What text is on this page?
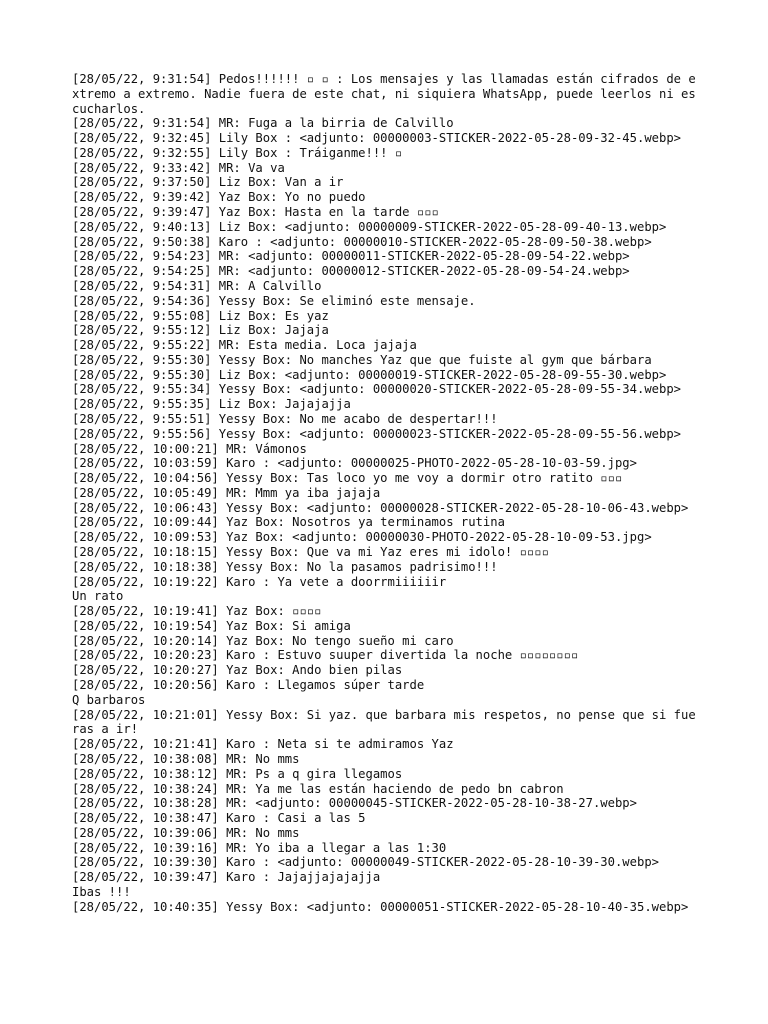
[28/05/22, 9:31:54] Pedos!!!!!! ▫ ▫ : Los mensajes y las llamadas están cifrados de extremo a extremo. Nadie fuera de este chat, ni siquiera WhatsApp, puede leerlos ni escucharlos.
[28/05/22, 9:31:54] MR: Fuga a la birria de Calvillo
[28/05/22, 9:32:45] Lily Box : <adjunto: 00000003-STICKER-2022-05-28-09-32-45.webp>
[28/05/22, 9:32:55] Lily Box : Tráiganme!!! ▫
[28/05/22, 9:33:42] MR: Va va
[28/05/22, 9:37:50] Liz Box: Van a ir
[28/05/22, 9:39:42] Yaz Box: Yo no puedo
[28/05/22, 9:39:47] Yaz Box: Hasta en la tarde ▫▫▫
[28/05/22, 9:40:13] Liz Box: <adjunto: 00000009-STICKER-2022-05-28-09-40-13.webp>
[28/05/22, 9:50:38] Karo : <adjunto: 00000010-STICKER-2022-05-28-09-50-38.webp>
[28/05/22, 9:54:23] MR: <adjunto: 00000011-STICKER-2022-05-28-09-54-22.webp>
[28/05/22, 9:54:25] MR: <adjunto: 00000012-STICKER-2022-05-28-09-54-24.webp>
[28/05/22, 9:54:31] MR: A Calvillo
[28/05/22, 9:54:36] Yessy Box: Se eliminó este mensaje.
[28/05/22, 9:55:08] Liz Box: Es yaz
[28/05/22, 9:55:12] Liz Box: Jajaja
[28/05/22, 9:55:22] MR: Esta media. Loca jajaja
[28/05/22, 9:55:30] Yessy Box: No manches Yaz que que fuiste al gym que bárbara
[28/05/22, 9:55:30] Liz Box: <adjunto: 00000019-STICKER-2022-05-28-09-55-30.webp>
[28/05/22, 9:55:34] Yessy Box: <adjunto: 00000020-STICKER-2022-05-28-09-55-34.webp>
[28/05/22, 9:55:35] Liz Box: Jajajajja
[28/05/22, 9:55:51] Yessy Box: No me acabo de despertar!!!
[28/05/22, 9:55:56] Yessy Box: <adjunto: 00000023-STICKER-2022-05-28-09-55-56.webp>
[28/05/22, 10:00:21] MR: Vámonos
[28/05/22, 10:03:59] Karo : <adjunto: 00000025-PHOTO-2022-05-28-10-03-59.jpg>
[28/05/22, 10:04:56] Yessy Box: Tas loco yo me voy a dormir otro ratito ▫▫▫
[28/05/22, 10:05:49] MR: Mmm ya iba jajaja
[28/05/22, 10:06:43] Yessy Box: <adjunto: 00000028-STICKER-2022-05-28-10-06-43.webp>
[28/05/22, 10:09:44] Yaz Box: Nosotros ya terminamos rutina
[28/05/22, 10:09:53] Yaz Box: <adjunto: 00000030-PHOTO-2022-05-28-10-09-53.jpg>
[28/05/22, 10:18:15] Yessy Box: Que va mi Yaz eres mi idolo! ▫▫▫▫
[28/05/22, 10:18:38] Yessy Box: No la pasamos padrisimo!!!
[28/05/22, 10:19:22] Karo : Ya vete a doorrmiiiiiir
Un rato
[28/05/22, 10:19:41] Yaz Box: ▫▫▫▫
[28/05/22, 10:19:54] Yaz Box: Si amiga
[28/05/22, 10:20:14] Yaz Box: No tengo sueño mi caro
[28/05/22, 10:20:23] Karo : Estuvo suuper divertida la noche ▫▫▫▫▫▫▫▫
[28/05/22, 10:20:27] Yaz Box: Ando bien pilas
[28/05/22, 10:20:56] Karo : Llegamos súper tarde
Q barbaros
[28/05/22, 10:21:01] Yessy Box: Si yaz. que barbara mis respetos, no pense que si fueras a ir!
[28/05/22, 10:21:41] Karo : Neta si te admiramos Yaz
[28/05/22, 10:38:08] MR: No mms
[28/05/22, 10:38:12] MR: Ps a q gira llegamos
[28/05/22, 10:38:24] MR: Ya me las están haciendo de pedo bn cabron
[28/05/22, 10:38:28] MR: <adjunto: 00000045-STICKER-2022-05-28-10-38-27.webp>
[28/05/22, 10:38:47] Karo : Casi a las 5
[28/05/22, 10:39:06] MR: No mms
[28/05/22, 10:39:16] MR: Yo iba a llegar a las 1:30
[28/05/22, 10:39:30] Karo : <adjunto: 00000049-STICKER-2022-05-28-10-39-30.webp>
[28/05/22, 10:39:47] Karo : Jajajjajajajja
Ibas !!!
[28/05/22, 10:40:35] Yessy Box: <adjunto: 00000051-STICKER-2022-05-28-10-40-35.webp>
